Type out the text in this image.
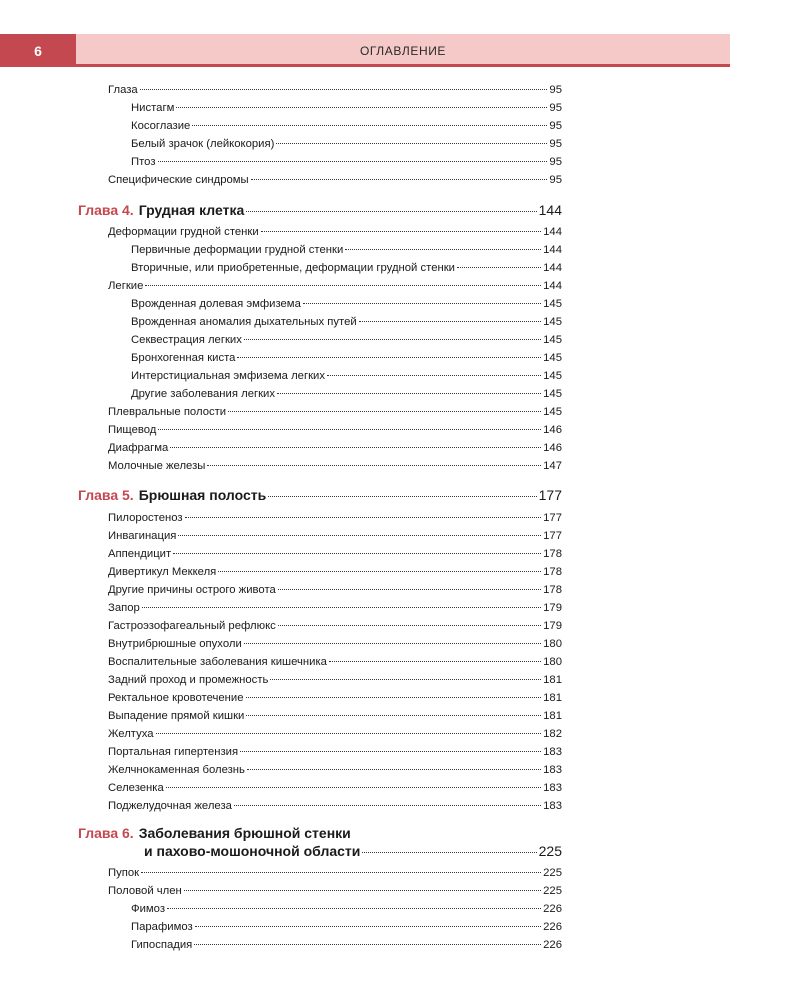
6	ОГЛАВЛЕНИЕ
Глаза	95
Нистагм	95
Косоглазие	95
Белый зрачок (лейкокория)	95
Птоз	95
Специфические синдромы	95
Глава 4. Грудная клетка	144
Деформации грудной стенки	144
Первичные деформации грудной стенки	144
Вторичные, или приобретенные, деформации грудной стенки	144
Легкие	144
Врожденная долевая эмфизема	145
Врожденная аномалия дыхательных путей	145
Секвестрация легких	145
Бронхогенная киста	145
Интерстициальная эмфизема легких	145
Другие заболевания легких	145
Плевральные полости	145
Пищевод	146
Диафрагма	146
Молочные железы	147
Глава 5. Брюшная полость	177
Пилоростеноз	177
Инвагинация	177
Аппендицит	178
Дивертикул Меккеля	178
Другие причины острого живота	178
Запор	179
Гастроэзофагеальный рефлюкс	179
Внутрибрюшные опухоли	180
Воспалительные заболевания кишечника	180
Задний проход и промежность	181
Ректальное кровотечение	181
Выпадение прямой кишки	181
Желтуха	182
Портальная гипертензия	183
Желчнокаменная болезнь	183
Селезенка	183
Поджелудочная железа	183
Глава 6. Заболевания брюшной стенки
и пахово-мошоночной области	225
Пупок	225
Половой член	225
Фимоз	226
Парафимоз	226
Гипоспадия	226
